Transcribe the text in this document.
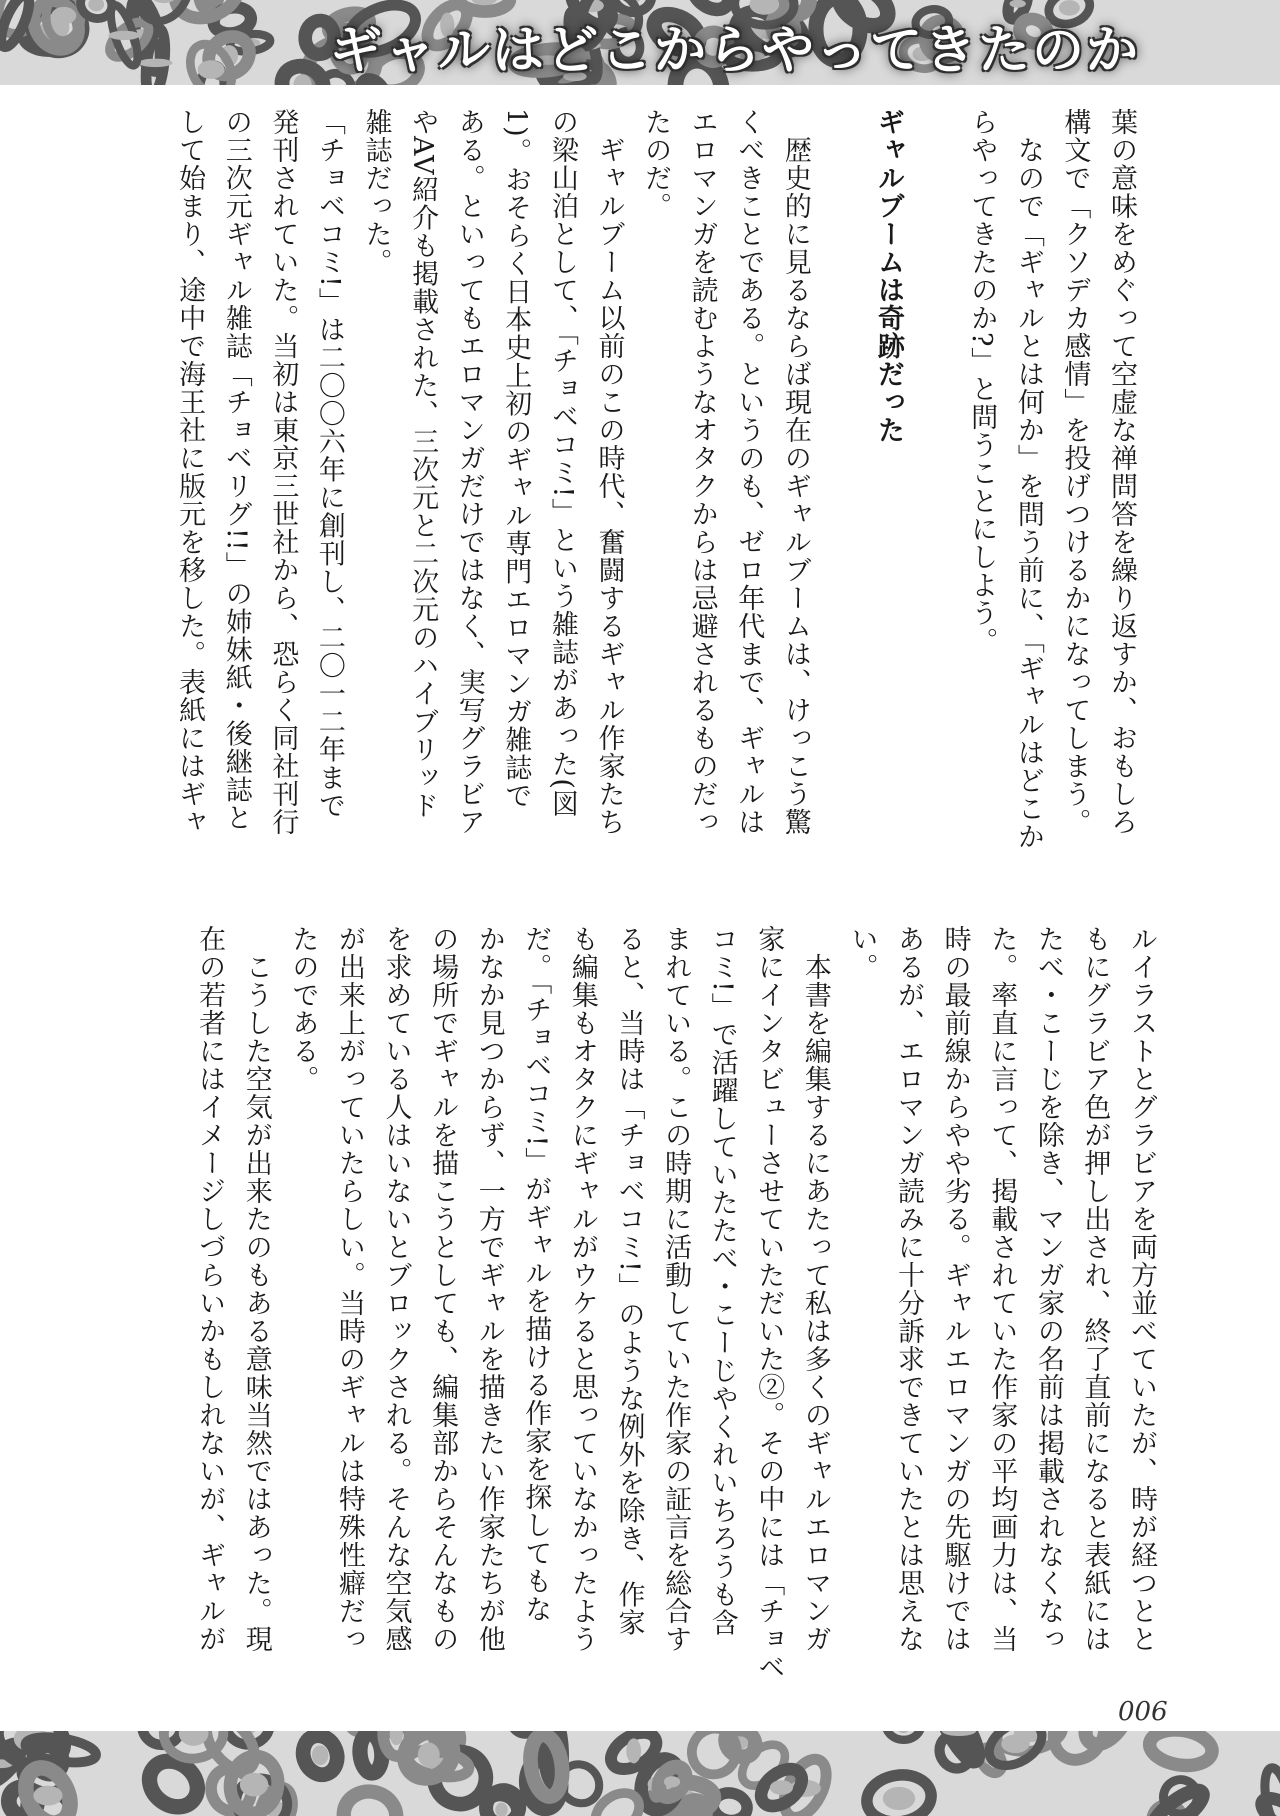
ギャルはどこからやってきたのか
葉の意味をめぐって空虚な禅問答を繰り返すか、おもしろ
構文で「クソデカ感情」を投げつけるかになってしまう。
　なので「ギャルとは何か」を問う前に、「ギャルはどこか
らやってきたのか?」と問うことにしよう。

ギャルブームは奇跡だった

　歴史的に見るならば現在のギャルブームは、けっこう驚
くべきことである。というのも、ゼロ年代まで、ギャルは
エロマンガを読むようなオタクからは忌避されるものだっ
たのだ。
　ギャルブーム以前のこの時代、奮闘するギャル作家たち
の梁山泊として、「チョベコミ!」という雑誌があった(図
1)。おそらく日本史上初のギャル専門エロマンガ雑誌で
ある。といってもエロマンガだけではなく、実写グラビア
やAV紹介も掲載された、三次元と二次元のハイブリッド
雑誌だった。
「チョベコミ!」は二〇〇六年に創刊し、二〇一二年まで
発刊されていた。当初は東京三世社から、恐らく同社刊行
の三次元ギャル雑誌「チョベリグ!!」の姉妹紙・後継誌と
して始まり、途中で海王社に版元を移した。表紙にはギャ
ルイラストとグラビアを両方並べていたが、時が経つとと
もにグラビア色が押し出され、終了直前になると表紙には
たべ・こーじを除き、マンガ家の名前は掲載されなくなっ
た。率直に言って、掲載されていた作家の平均画力は、当
時の最前線からやや劣る。ギャルエロマンガの先駆けでは
あるが、エロマンガ読みに十分訴求できていたとは思えな
い。
　本書を編集するにあたって私は多くのギャルエロマンガ
家にインタビューさせていただいた②。その中には「チョベ
コミ!」で活躍していたたべ・こーじやくれいちろうも含
まれている。この時期に活動していた作家の証言を総合す
ると、当時は「チョベコミ!」のような例外を除き、作家
も編集もオタクにギャルがウケると思っていなかったよう
だ。「チョベコミ!」がギャルを描ける作家を探してもな
かなか見つからず、一方でギャルを描きたい作家たちが他
の場所でギャルを描こうとしても、編集部からそんなもの
を求めている人はいないとブロックされる。そんな空気感
が出来上がっていたらしい。当時のギャルは特殊性癖だっ
たのである。
　こうした空気が出来たのもある意味当然ではあった。現
在の若者にはイメージしづらいかもしれないが、ギャルが
006
